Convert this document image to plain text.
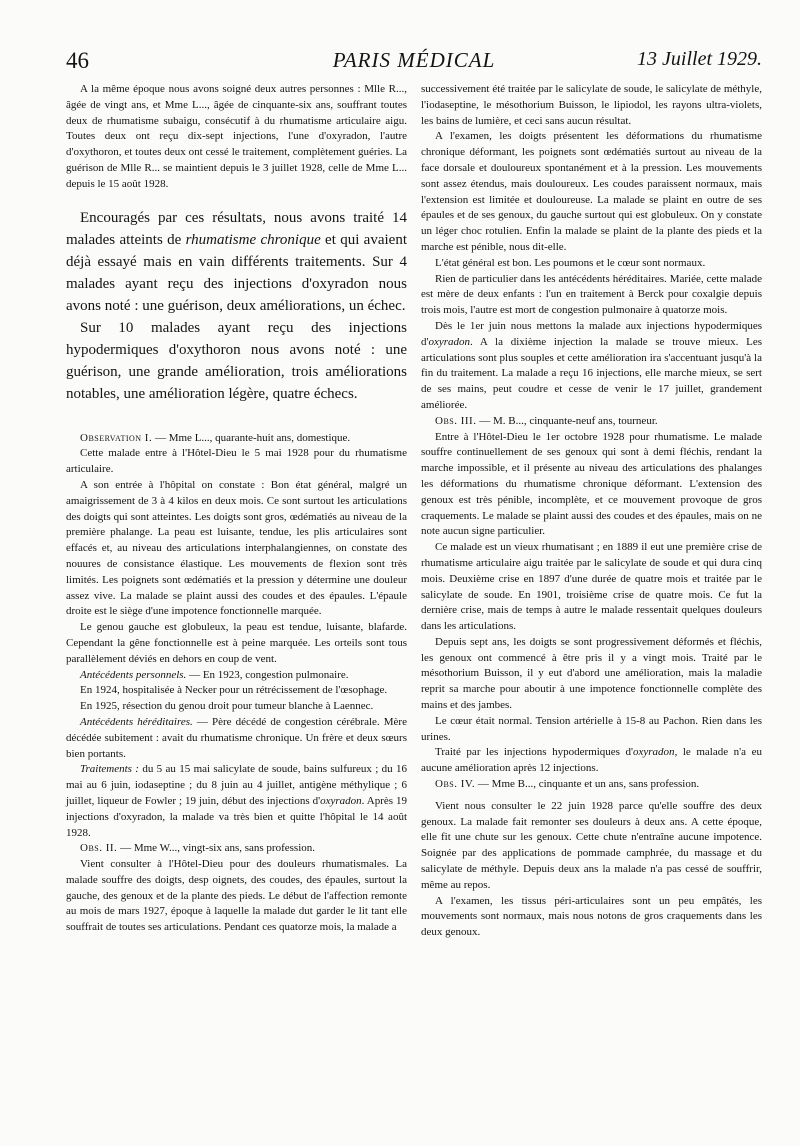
46	PARIS MÉDICAL	13 Juillet 1929.

A la même époque nous avons soigné deux autres personnes : Mlle R..., âgée de vingt ans, et Mme L..., âgée de cinquante-six ans, souffrant toutes deux de rhumatisme subaigu, consécutif à du rhumatisme articulaire aigu. Toutes deux ont reçu dix-sept injections, l'une d'oxyradon, l'autre d'oxythoron, et toutes deux ont cessé le traitement, complètement guéries. La guérison de Mlle R... se maintient depuis le 3 juillet 1928, celle de Mme L... depuis le 15 août 1928.

Encouragés par ces résultats, nous avons traité 14 malades atteints de rhumatisme chronique et qui avaient déjà essayé mais en vain différents traitements. Sur 4 malades ayant reçu des injections d'oxyradon nous avons noté : une guérison, deux améliorations, un échec.

Sur 10 malades ayant reçu des injections hypodermiques d'oxythoron nous avons noté : une guérison, une grande amélioration, trois améliorations notables, une amélioration légère, quatre échecs.

Observation I. — Mme L..., quarante-huit ans, domestique.

Cette malade entre à l'Hôtel-Dieu le 5 mai 1928 pour du rhumatisme articulaire.

A son entrée à l'hôpital on constate : Bon état général, malgré un amaigrissement de 3 à 4 kilos en deux mois. Ce sont surtout les articulations des doigts qui sont atteintes. Les doigts sont gros, œdématiés au niveau de la première phalange. La peau est luisante, tendue, les plis articulaires sont effacés et, au niveau des articulations interphalangiennes, on constate des nouures de consistance élastique. Les mouvements de flexion sont très limités. Les poignets sont œdématiés et la pression y détermine une douleur assez vive. La malade se plaint aussi des coudes et des épaules. L'épaule droite est le siège d'une impotence fonctionnelle marquée.

Le genou gauche est globuleux, la peau est tendue, luisante, blafarde. Cependant la gêne fonctionnelle est à peine marquée. Les orteils sont tous parallèlement déviés en dehors en coup de vent.

Antécédents personnels. — En 1923, congestion pulmonaire.

En 1924, hospitalisée à Necker pour un rétrécissement de l'œsophage.

En 1925, résection du genou droit pour tumeur blanche à Laennec.

Antécédents héréditaires. — Père décédé de congestion cérébrale. Mère décédée subitement : avait du rhumatisme chronique. Un frère et deux sœurs bien portants.

Traitements : du 5 au 15 mai salicylate de soude, bains sulfureux ; du 16 mai au 6 juin, iodaseptine ; du 8 juin au 4 juillet, antigène méthylique ; 6 juillet, liqueur de Fowler ; 19 juin, début des injections d'oxyradon. Après 19 injections d'oxyradon, la malade va très bien et quitte l'hôpital le 14 août 1928.

Obs. II. — Mme W..., vingt-six ans, sans profession.

Vient consulter à l'Hôtel-Dieu pour des douleurs rhumatismales. La malade souffre des doigts, desp oignets, des coudes, des épaules, surtout la gauche, des genoux et de la plante des pieds. Le début de l'affection remonte au mois de mars 1927, époque à laquelle la malade dut garder le lit tant elle souffrait de toutes ses articulations. Pendant ces quatorze mois, la malade a

successivement été traitée par le salicylate de soude, le salicylate de méthyle, l'iodaseptine, le mésothorium Buisson, le lipiodol, les rayons ultra-violets, les bains de lumière, et ceci sans aucun résultat.

A l'examen, les doigts présentent les déformations du rhumatisme chronique déformant, les poignets sont œdématiés surtout au niveau de la face dorsale et douloureux spontanément et à la pression. Les mouvements sont assez étendus, mais douloureux. Les coudes paraissent normaux, mais l'extension est limitée et douloureuse. La malade se plaint en outre de ses épaules et de ses genoux, du gauche surtout qui est globuleux. On y constate un léger choc rotulien. Enfin la malade se plaint de la plante des pieds et la marche est pénible, nous dit-elle.

L'état général est bon. Les poumons et le cœur sont normaux.

Rien de particulier dans les antécédents héréditaires. Mariée, cette malade est mère de deux enfants : l'un en traitement à Berck pour coxalgie depuis trois mois, l'autre est mort de congestion pulmonaire à quatorze mois.

Dès le 1er juin nous mettons la malade aux injections hypodermiques d'oxyradon. A la dixième injection la malade se trouve mieux. Les articulations sont plus souples et cette amélioration ira s'accentuant jusqu'à la fin du traitement. La malade a reçu 16 injections, elle marche mieux, se sert de ses mains, peut coudre et cesse de venir le 17 juillet, grandement améliorée.

Obs. III. — M. B..., cinquante-neuf ans, tourneur.

Entre à l'Hôtel-Dieu le 1er octobre 1928 pour rhumatisme. Le malade souffre continuellement de ses genoux qui sont à demi fléchis, rendant la marche impossible, et il présente au niveau des articulations des phalanges les déformations du rhumatisme chronique déformant. L'extension des genoux est très pénible, incomplète, et ce mouvement provoque de gros craquements. Le malade se plaint aussi des coudes et des épaules, mais on ne note aucun signe particulier.

Ce malade est un vieux rhumatisant ; en 1889 il eut une première crise de rhumatisme articulaire aigu traitée par le salicylate de soude et qui dura cinq mois. Deuxième crise en 1897 d'une durée de quatre mois et traitée par le salicylate de soude. En 1901, troisième crise de quatre mois. Ce fut la dernière crise, mais de temps à autre le malade ressentait quelques douleurs dans les articulations.

Depuis sept ans, les doigts se sont progressivement déformés et fléchis, les genoux ont commencé à être pris il y a vingt mois. Traité par le mésothorium Buisson, il y eut d'abord une amélioration, mais la maladie reprit sa marche pour aboutir à une impotence fonctionnelle complète des mains et des jambes.

Le cœur était normal. Tension artérielle à 15-8 au Pachon. Rien dans les urines.

Traité par les injections hypodermiques d'oxyradon, le malade n'a eu aucune amélioration après 12 injections.

Obs. IV. — Mme B..., cinquante et un ans, sans profession.

Vient nous consulter le 22 juin 1928 parce qu'elle souffre des deux genoux. La malade fait remonter ses douleurs à deux ans. A cette époque, elle fit une chute sur les genoux. Cette chute n'entraîne aucune impotence. Soignée par des applications de pommade camphrée, du massage et du salicylate de méthyle. Depuis deux ans la malade n'a pas cessé de souffrir, même au repos.

A l'examen, les tissus péri-articulaires sont un peu empâtés, les mouvements sont normaux, mais nous notons de gros craquements dans les deux genoux.
